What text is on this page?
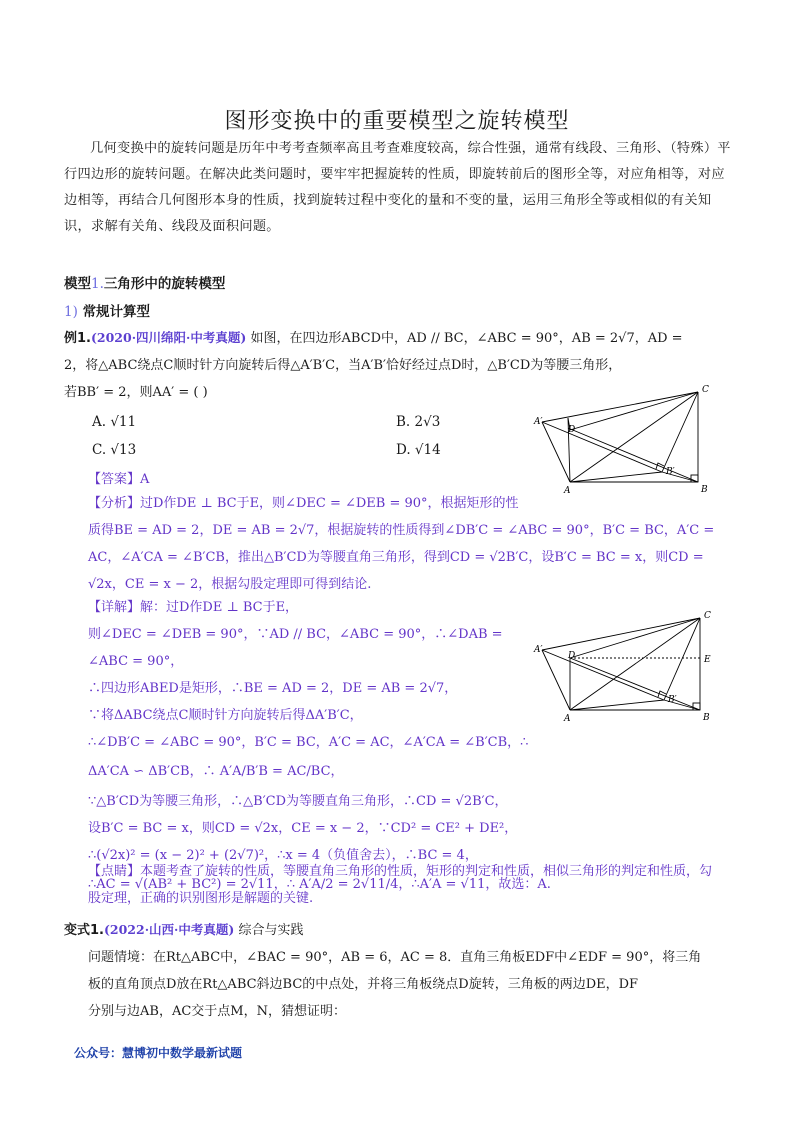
图形变换中的重要模型之旋转模型
几何变换中的旋转问题是历年中考考查频率高且考查难度较高，综合性强，通常有线段、三角形、（特殊）平行四边形的旋转问题。在解决此类问题时，要牢牢把握旋转的性质，即旋转前后的图形全等，对应角相等，对应边相等，再结合几何图形本身的性质，找到旋转过程中变化的量和不变的量，运用三角形全等或相似的有关知识，求解有关角、线段及面积问题。
模型1.三角形中的旋转模型
1) 常规计算型
例1.(2020·四川绵阳·中考真题) 如图，在四边形ABCD中，AD // BC，∠ABC = 90°，AB = 2√7，AD =
2，将△ABC绕点C顺时针方向旋转后得△A′B′C，当A′B′恰好经过点D时，△B′CD为等腰三角形，
若BB′ = 2，则AA′ = ( )
A. √11	B. 2√3
C. √13	D. √14
A′
D
C
B′
A	B
【答案】A
【分析】过D作DE ⊥ BC于E，则∠DEC = ∠DEB = 90°，根据矩形的性
质得BE = AD = 2，DE = AB = 2√7，根据旋转的性质得到∠DB′C = ∠ABC = 90°，B′C = BC，A′C =
AC，∠A′CA = ∠B′CB，推出△B′CD为等腰直角三角形，得到CD = √2B′C，设B′C = BC = x，则CD =
√2x，CE = x − 2，根据勾股定理即可得到结论.
【详解】解：过D作DE ⊥ BC于E，
则∠DEC = ∠DEB = 90°，∵AD // BC，∠ABC = 90°，∴∠DAB =
∠ABC = 90°，
∴四边形ABED是矩形，∴BE = AD = 2，DE = AB = 2√7，
∵将ΔABC绕点C顺时针方向旋转后得ΔA′B′C，
∴∠DB′C = ∠ABC = 90°，B′C = BC，A′C = AC，∠A′CA = ∠B′CB，∴
ΔA′CA ∽ ΔB′CB，∴ A′A/B′B = AC/BC，
∵△B′CD为等腰三角形，∴△B′CD为等腰直角三角形，∴CD = √2B′C，
设B′C = BC = x，则CD = √2x，CE = x − 2，∵CD² = CE² + DE²，
∴(√2x)² = (x − 2)² + (2√7)²，∴x = 4（负值舍去），∴BC = 4，
∴AC = √(AB² + BC²) = 2√11，∴ A′A/2 = 2√11/4，∴A′A = √11，故选：A.
A′
D
C
E
B′
A	B
【点睛】本题考查了旋转的性质，等腰直角三角形的性质，矩形的判定和性质，相似三角形的判定和性质，勾
股定理，正确的识别图形是解题的关键.
变式1.(2022·山西·中考真题) 综合与实践
问题情境：在Rt△ABC中，∠BAC = 90°，AB = 6，AC = 8．直角三角板EDF中∠EDF = 90°，将三角
板的直角顶点D放在Rt△ABC斜边BC的中点处，并将三角板绕点D旋转，三角板的两边DE，DF
分别与边AB，AC交于点M，N，猜想证明：
公众号：慧博初中数学最新试题
